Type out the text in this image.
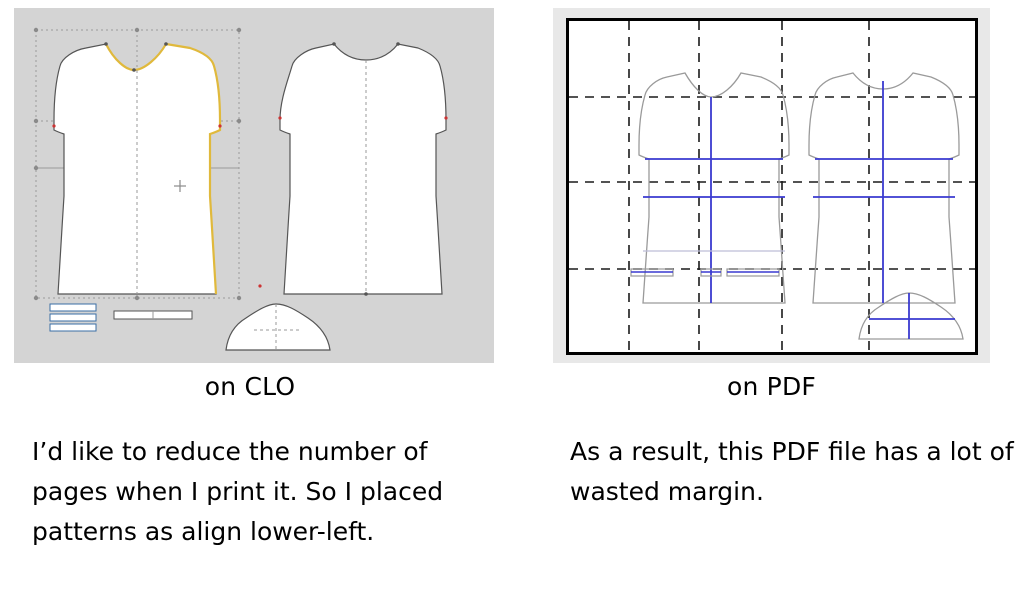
on CLO	on PDF
I’d like to reduce the number of pages when I print it. So I placed patterns as align lower-left.
As a result, this PDF file has a lot of wasted margin.
